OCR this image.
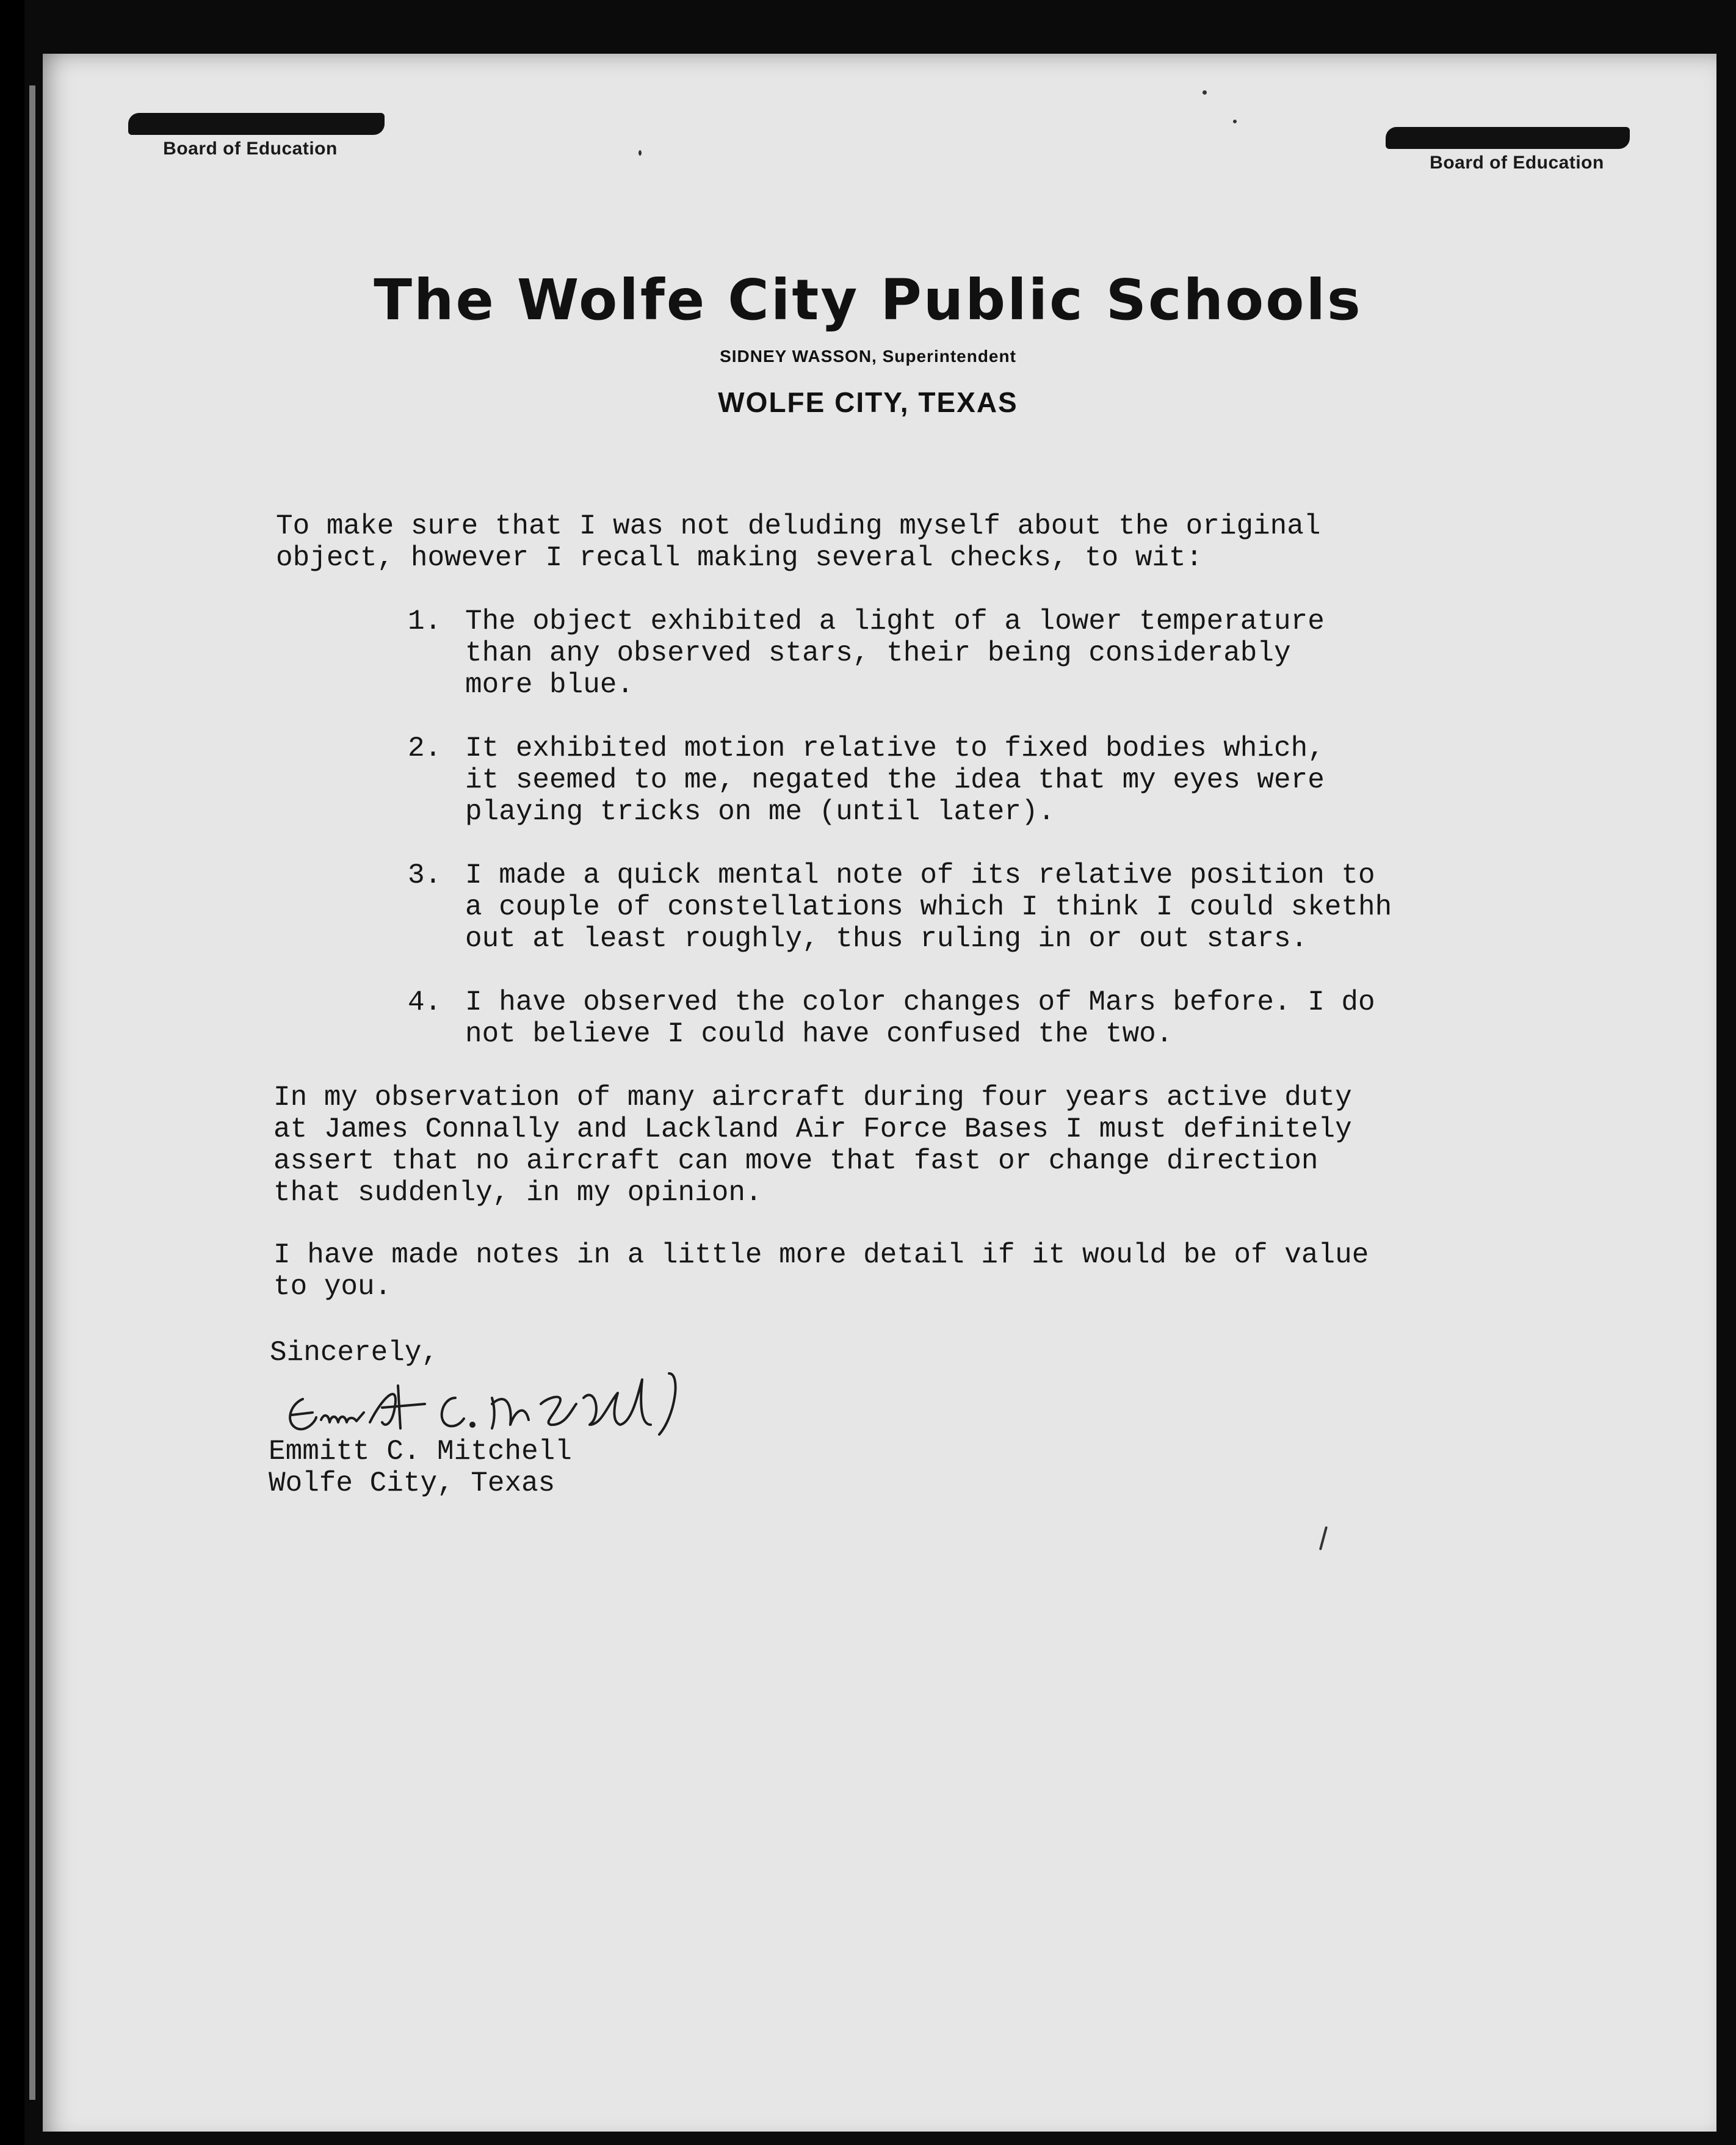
Board of Education
Board of Education
The Wolfe City Public Schools
SIDNEY WASSON, Superintendent
WOLFE CITY, TEXAS
To make sure that I was not deluding myself about the original
object, however I recall making several checks, to wit:
1. The object exhibited a light of a lower temperature
than any observed stars, their being considerably
more blue.
2. It exhibited motion relative to fixed bodies which,
it seemed to me, negated the idea that my eyes were
playing tricks on me (until later).
3. I made a quick mental note of its relative position to
a couple of constellations which I think I could skethh
out at least roughly, thus ruling in or out stars.
4. I have observed the color changes of Mars before. I do
not believe I could have confused the two.
In my observation of many aircraft during four years active duty
at James Connally and Lackland Air Force Bases I must definitely
assert that no aircraft can move that fast or change direction
that suddenly, in my opinion.
I have made notes in a little more detail if it would be of value
to you.
Sincerely,
Emmitt C. Mitchell
Wolfe City, Texas
